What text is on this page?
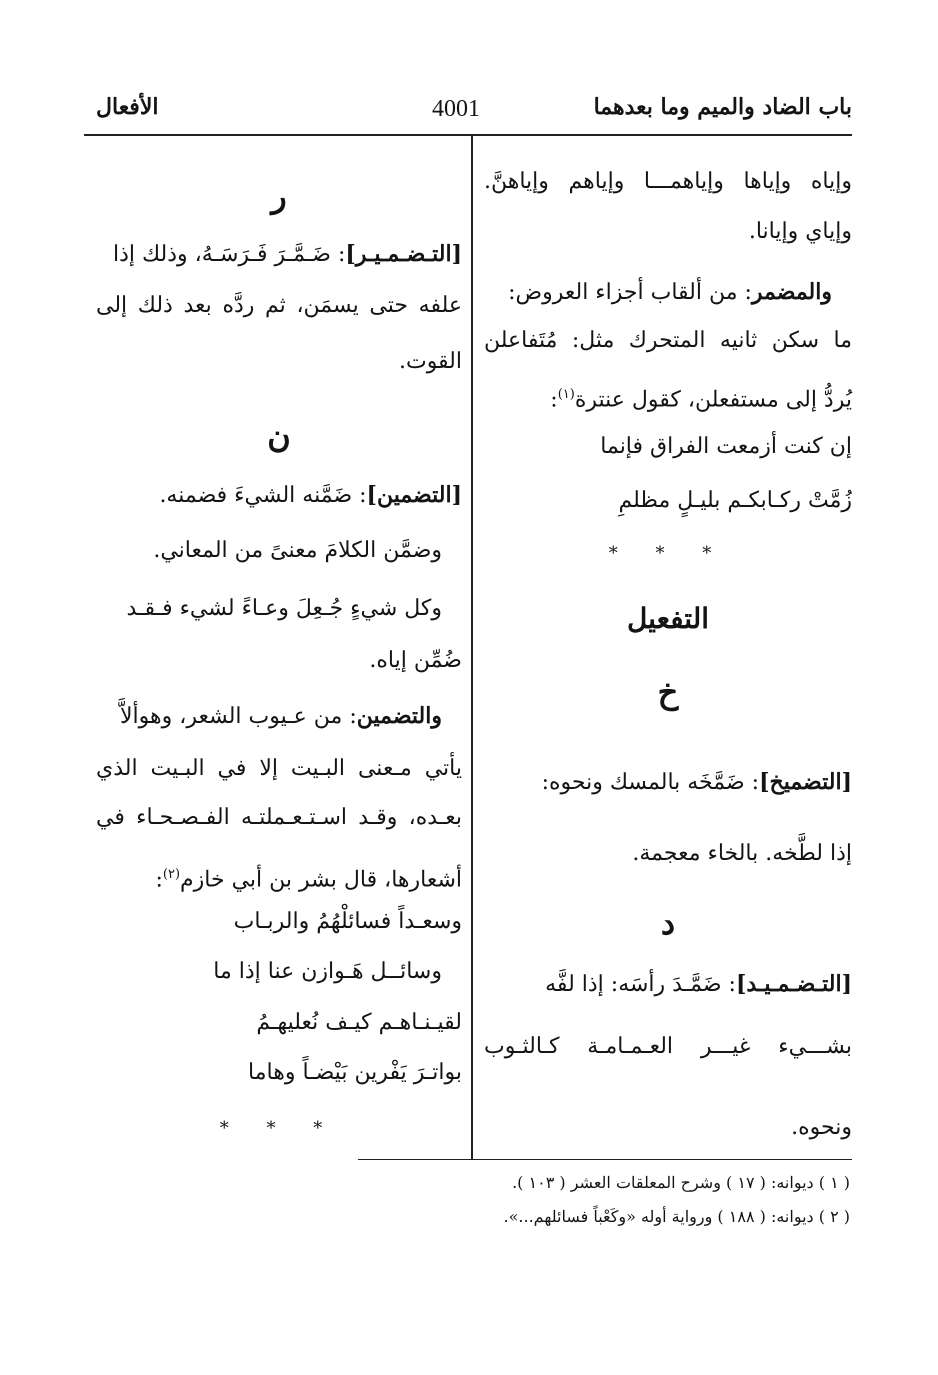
باب الضاد والميم وما بعدهما
4001
الأفعال
وإياه وإياها وإياهمـــا وإياهم وإياهنَّ.
وإياي وإيانا.
والمضمر: من ألقاب أجزاء العروض:
ما سكن ثانيه المتحرك مثل: مُتَفاعلن
يُردُّ إلى مستفعلن، كقول عنترة$^{(١)}$:
إن كنت أزمعت الفراق فإنما
زُمَّتْ ركـابكـم بليـلٍ مظلمِ
* * *
التفعيل
خ
[التضميخ]: ضَمَّخَه بالمسك ونحوه:
إذا لطَّخه. بالخاء معجمة.
د
[التـضـمـيـد]: ضَمَّـدَ رأسَه: إذا لفَّه
بشـــيء غيـــر العـمـامـة كـالثـوب
ونحوه.
ر
[التـضـمـيـر]: ضَـمَّـرَ فَـرَسَـهُ، وذلك إذا
علفه حتى يسمَن، ثم ردَّه بعد ذلك إلى
القوت.
ن
[التضمين]: ضَمَّنه الشيءَ فضمنه.
وضمَّن الكلامَ معنىً من المعاني.
وكل شيءٍ جُـعِلَ وعـاءً لشيء فـقـد
ضُمِّن إياه.
والتضمين: من عـيوب الشعر، وهوألاَّ
يأتي مـعنى البـيت إلا في البـيت الذي
بعـده، وقـد اسـتـعـملتـه الفـصـحـاء في
أشعارها، قال بشر بن أبي خازم$^{(٢)}$:
وسعـداً فسائلْهُمُ والربـاب
وسائــل هَـوازن عنا إذا ما
لقيـنـاهـم كيـف نُعليهـمُ
بواتـرَ يَفْرين بَيْضـاً وهاما
* * *
( ١ ) ديوانه: ( ١٧ ) وشرح المعلقات العشر ( ١٠٣ ).
( ٢ ) ديوانه: ( ١٨٨ ) ورواية أوله «وكَعْباً فسائلهم...».
